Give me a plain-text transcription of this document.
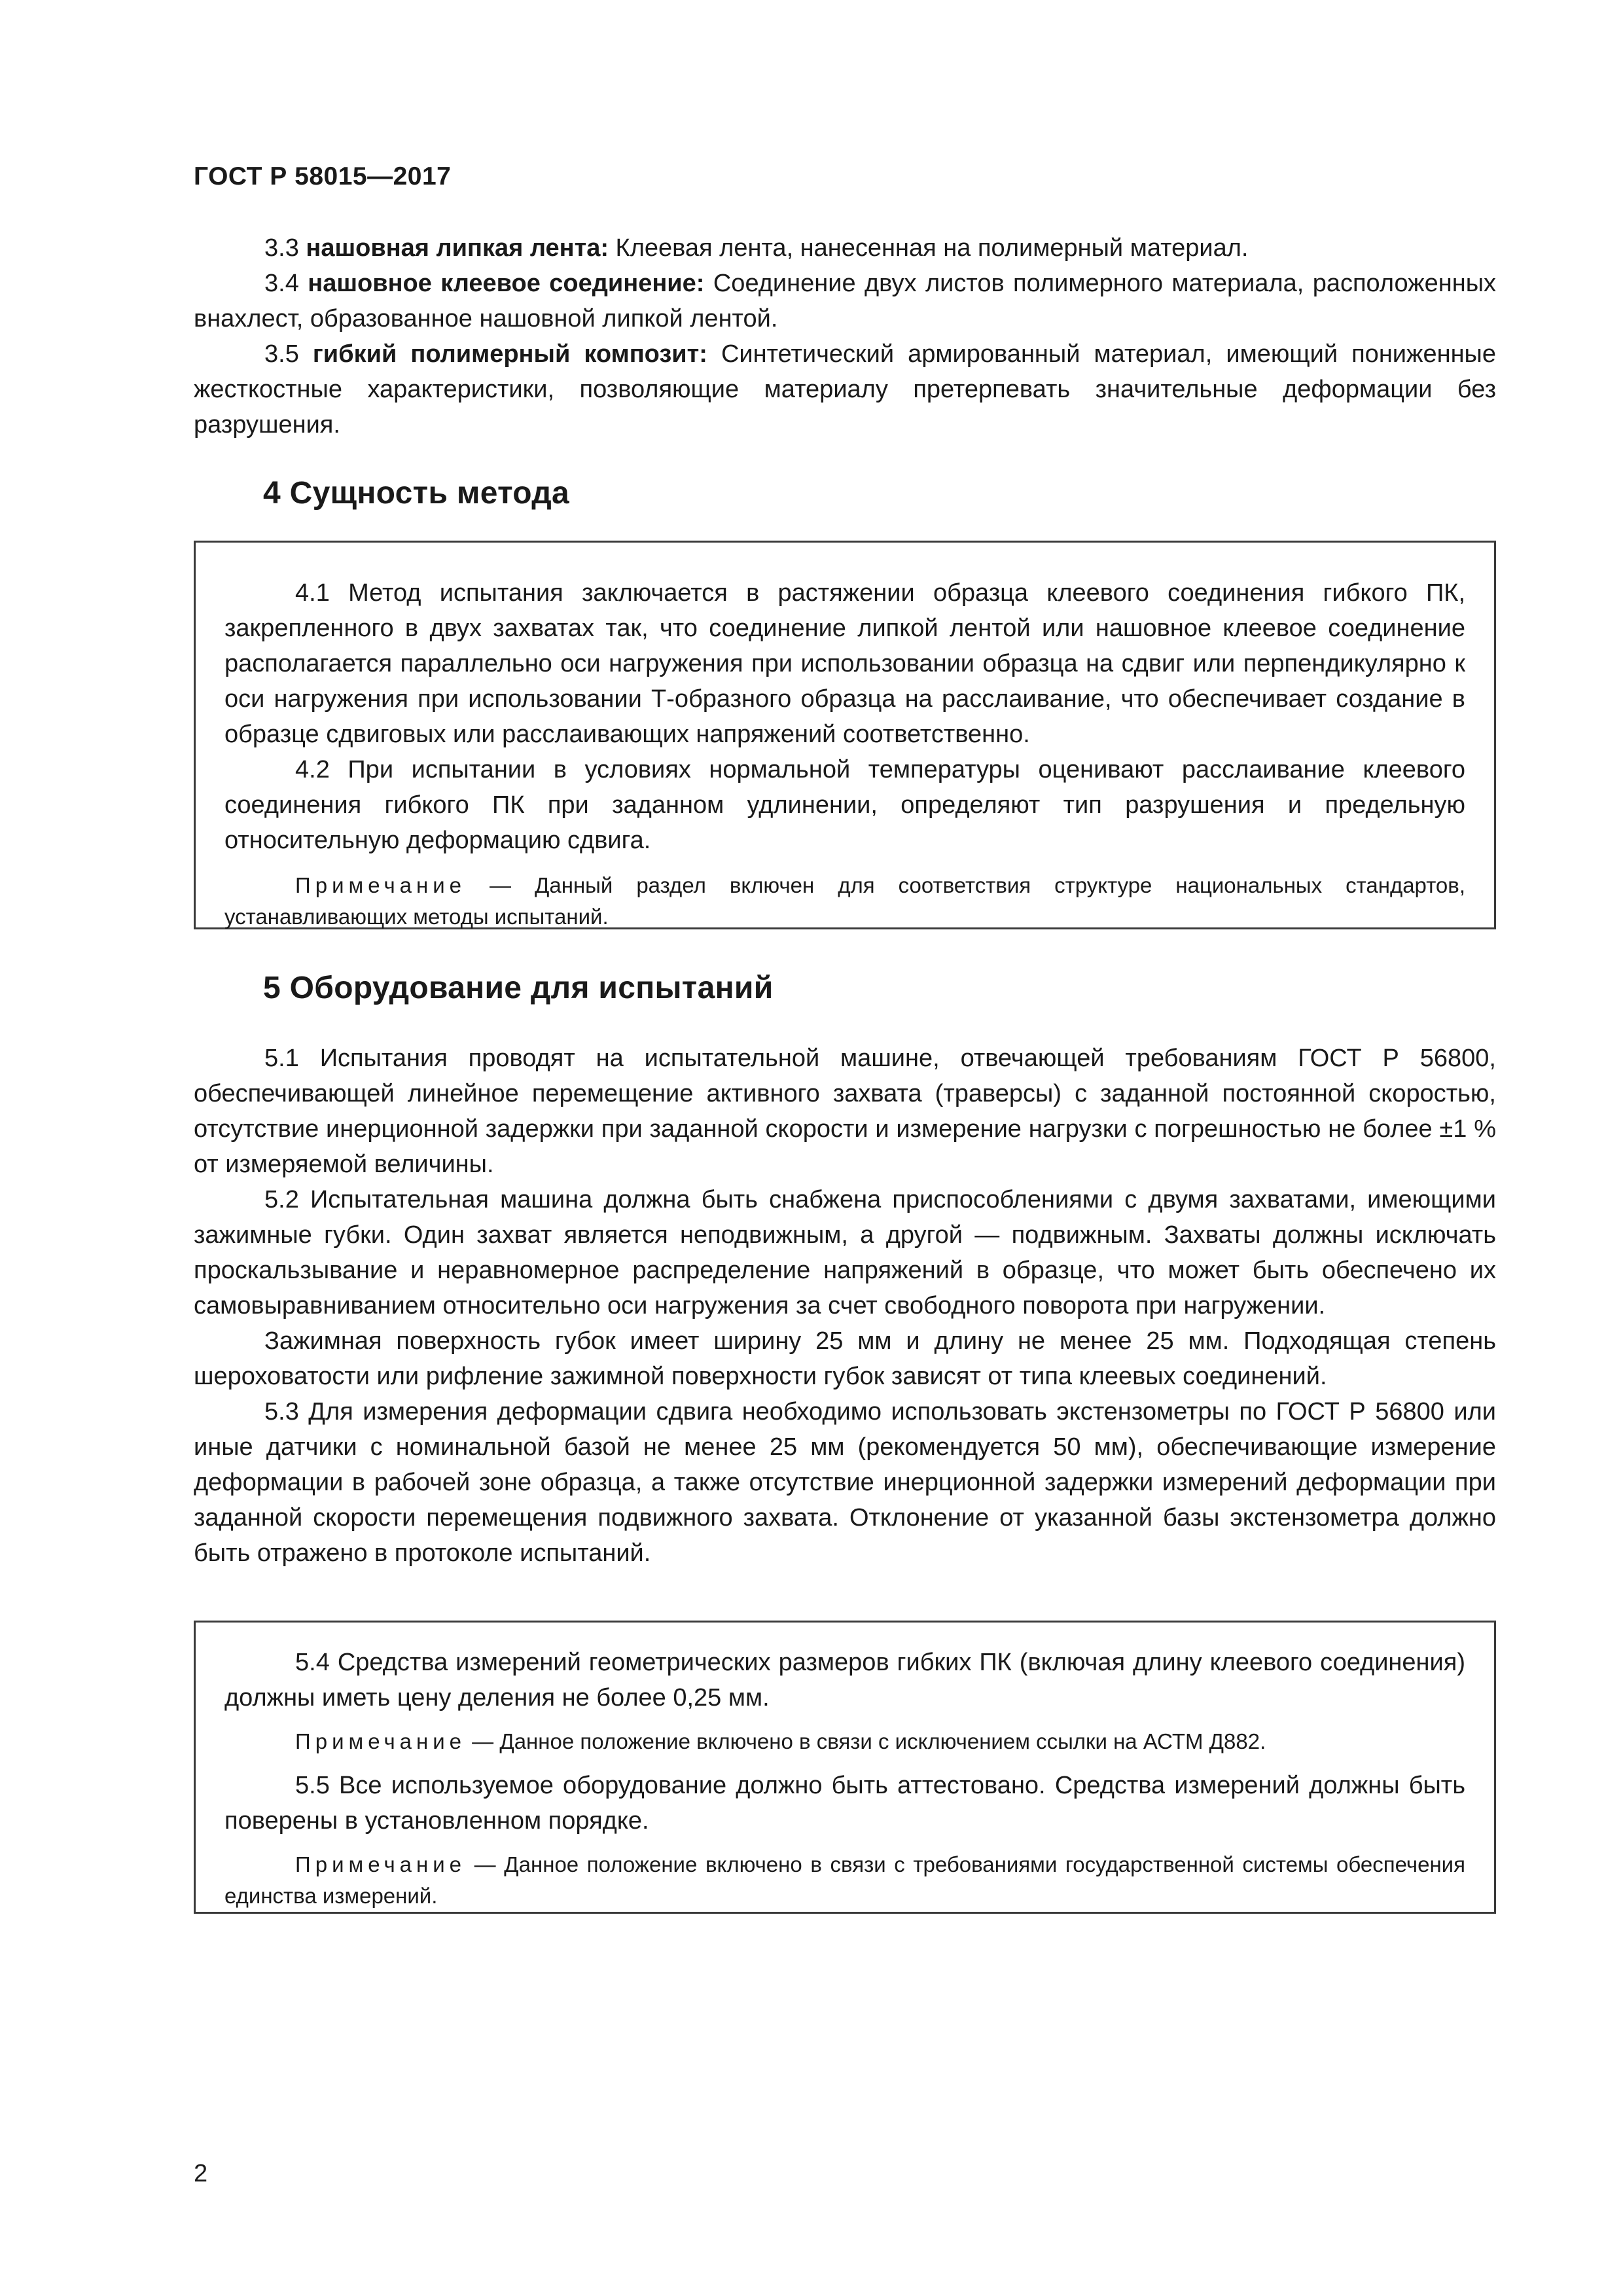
ГОСТ Р 58015—2017

3.3 нашовная липкая лента: Клеевая лента, нанесенная на полимерный материал.

3.4 нашовное клеевое соединение: Соединение двух листов полимерного материала, расположенных внахлест, образованное нашовной липкой лентой.

3.5 гибкий полимерный композит: Синтетический армированный материал, имеющий пониженные жесткостные характеристики, позволяющие материалу претерпевать значительные деформации без разрушения.

4 Сущность метода

4.1 Метод испытания заключается в растяжении образца клеевого соединения гибкого ПК, закрепленного в двух захватах так, что соединение липкой лентой или нашовное клеевое соединение располагается параллельно оси нагружения при использовании образца на сдвиг или перпендикулярно к оси нагружения при использовании Т-образного образца на расслаивание, что обеспечивает создание в образце сдвиговых или расслаивающих напряжений соответственно.

4.2 При испытании в условиях нормальной температуры оценивают расслаивание клеевого соединения гибкого ПК при заданном удлинении, определяют тип разрушения и предельную относительную деформацию сдвига.

Примечание — Данный раздел включен для соответствия структуре национальных стандартов, устанавливающих методы испытаний.

5 Оборудование для испытаний

5.1 Испытания проводят на испытательной машине, отвечающей требованиям ГОСТ Р 56800, обеспечивающей линейное перемещение активного захвата (траверсы) с заданной постоянной скоростью, отсутствие инерционной задержки при заданной скорости и измерение нагрузки с погрешностью не более ±1 % от измеряемой величины.

5.2 Испытательная машина должна быть снабжена приспособлениями с двумя захватами, имеющими зажимные губки. Один захват является неподвижным, а другой — подвижным. Захваты должны исключать проскальзывание и неравномерное распределение напряжений в образце, что может быть обеспечено их самовыравниванием относительно оси нагружения за счет свободного поворота при нагружении.

Зажимная поверхность губок имеет ширину 25 мм и длину не менее 25 мм. Подходящая степень шероховатости или рифление зажимной поверхности губок зависят от типа клеевых соединений.

5.3 Для измерения деформации сдвига необходимо использовать экстензометры по ГОСТ Р 56800 или иные датчики с номинальной базой не менее 25 мм (рекомендуется 50 мм), обеспечивающие измерение деформации в рабочей зоне образца, а также отсутствие инерционной задержки измерений деформации при заданной скорости перемещения подвижного захвата. Отклонение от указанной базы экстензометра должно быть отражено в протоколе испытаний.

5.4 Средства измерений геометрических размеров гибких ПК (включая длину клеевого соединения) должны иметь цену деления не более 0,25 мм.

Примечание — Данное положение включено в связи с исключением ссылки на АСТМ Д882.

5.5 Все используемое оборудование должно быть аттестовано. Средства измерений должны быть поверены в установленном порядке.

Примечание — Данное положение включено в связи с требованиями государственной системы обеспечения единства измерений.

2
